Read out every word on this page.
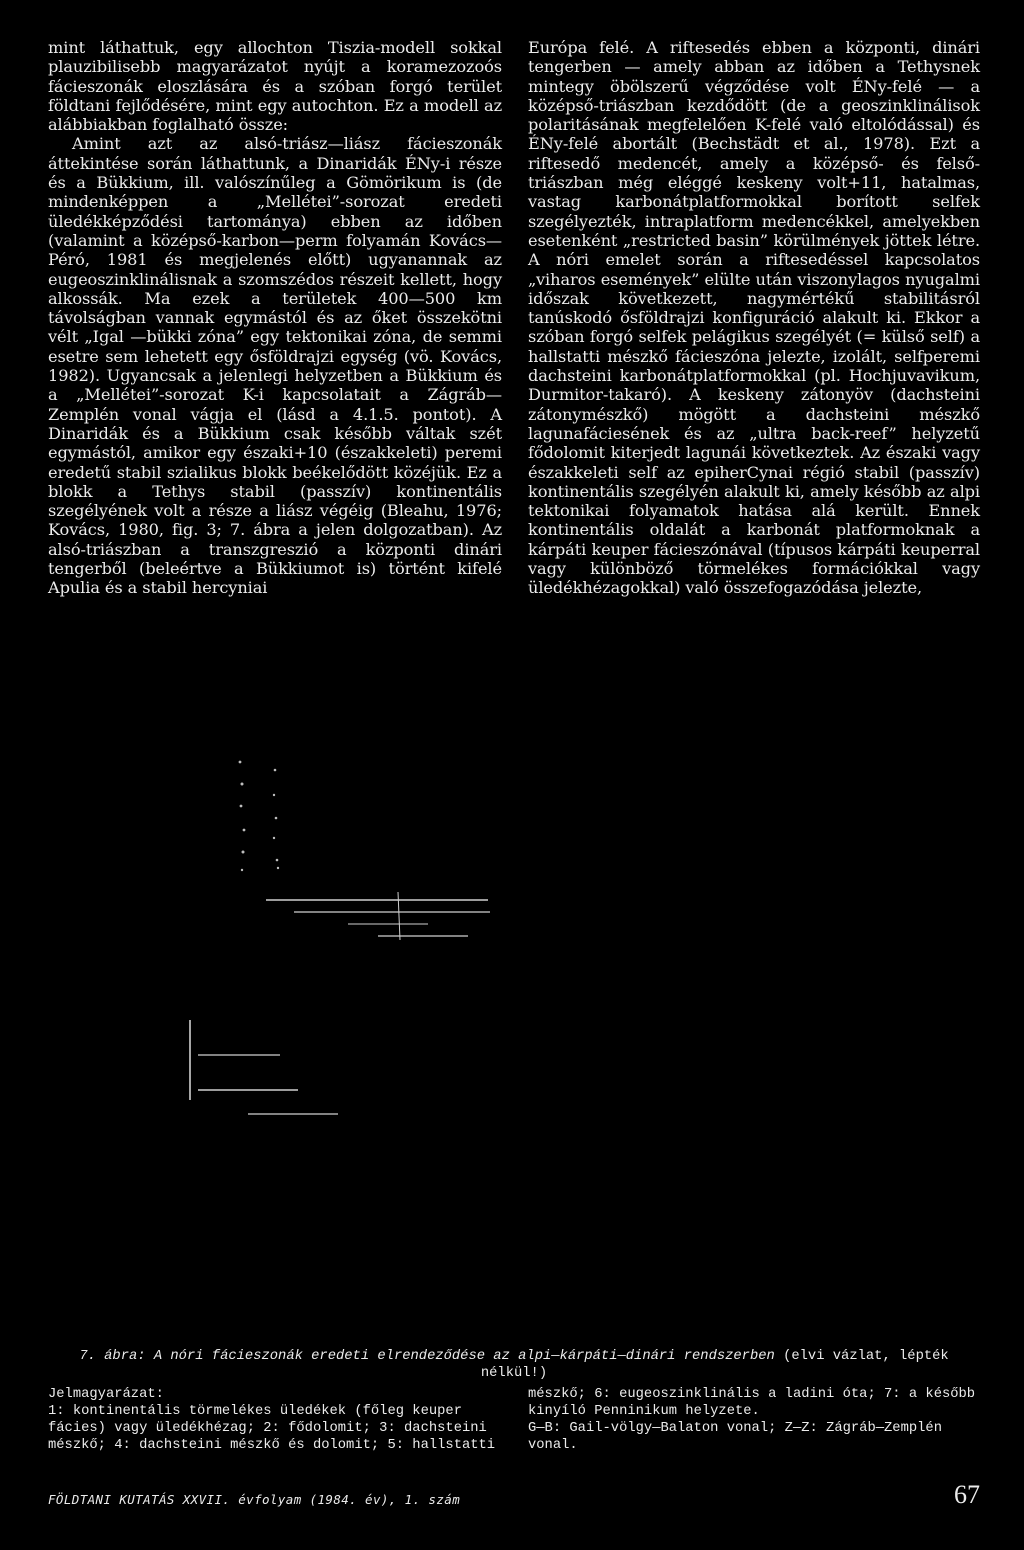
mint láthattuk, egy allochton Tiszia-modell sokkal plauzibilisebb magyarázatot nyújt a koramezozoós fácieszonák eloszlására és a szóban forgó terület földtani fejlődésére, mint egy autochton. Ez a modell az alábbiakban foglalható össze:

Amint azt az alsó-triász—liász fácieszonák áttekintése során láthattunk, a Dinaridák ÉNy-i része és a Bükkium, ill. valószínűleg a Gömörikum is (de mindenképpen a „Mellétei”-sorozat eredeti üledékképződési tartománya) ebben az időben (valamint a középső-karbon—perm folyamán Kovács—Péró, 1981 és megjelenés előtt) ugyanannak az eugeoszinklinálisnak a szomszédos részeit kellett, hogy alkossák. Ma ezek a területek 400—500 km távolságban vannak egymástól és az őket összekötni vélt „Igal —bükki zóna” egy tektonikai zóna, de semmi esetre sem lehetett egy ősföldrajzi egység (vö. Kovács, 1982). Ugyancsak a jelenlegi helyzetben a Bükkium és a „Mellétei”-sorozat K-i kapcsolatait a Zágráb—Zemplén vonal vágja el (lásd a 4.1.5. pontot). A Dinaridák és a Bükkium csak később váltak szét egymástól, amikor egy északi+10 (északkeleti) peremi eredetű stabil szialikus blokk beékelődött közéjük. Ez a blokk a Tethys stabil (passzív) kontinentális szegélyének volt a része a liász végéig (Bleahu, 1976; Kovács, 1980, fig. 3; 7. ábra a jelen dolgozatban). Az alsó-triászban a transzgreszió a központi dinári tengerből (beleértve a Bükkiumot is) történt kifelé Apulia és a stabil hercyniai

Európa felé. A riftesedés ebben a központi, dinári tengerben — amely abban az időben a Tethysnek mintegy öbölszerű végződése volt ÉNy-felé — a középső-triászban kezdődött (de a geoszinklinálisok polaritásának megfelelően K-felé való eltolódással) és ÉNy-felé abortált (Bechstädt et al., 1978). Ezt a riftesedő medencét, amely a középső- és felső-triászban még eléggé keskeny volt+11, hatalmas, vastag karbonátplatformokkal borított selfek szegélyezték, intraplatform medencékkel, amelyekben esetenként „restricted basin” körülmények jöttek létre. A nóri emelet során a riftesedéssel kapcsolatos „viharos események” elülte után viszonylagos nyugalmi időszak következett, nagymértékű stabilitásról tanúskodó ősföldrajzi konfiguráció alakult ki. Ekkor a szóban forgó selfek pelágikus szegélyét (= külső self) a hallstatti mészkő fácieszóna jelezte, izolált, selfperemi dachsteini karbonátplatformokkal (pl. Hochjuvavikum, Durmitor-takaró). A keskeny zátonyöv (dachsteini zátonymészkő) mögött a dachsteini mészkő lagunafáciesének és az „ultra back-reef” helyzetű fődolomit kiterjedt lagunái következtek. Az északi vagy északkeleti self az epiherCynai régió stabil (passzív) kontinentális szegélyén alakult ki, amely később az alpi tektonikai folyamatok hatása alá került. Ennek kontinentális oldalát a karbonát platformoknak a kárpáti keuper fácieszónával (típusos kárpáti keuperral vagy különböző törmelékes formációkkal vagy üledékhézagokkal) való összefogazódása jelezte,

7. ábra: A nóri fácieszonák eredeti elrendeződése az alpi—kárpáti—dinári rendszerben (elvi vázlat, lépték nélkül!)
Jelmagyarázat:
1: kontinentális törmelékes üledékek (főleg keuper fácies) vagy üledékhézag; 2: fődolomit; 3: dachsteini mészkő; 4: dachsteini mészkő és dolomit; 5: hallstatti
mészkő; 6: eugeoszinklinális a ladini óta; 7: a később kinyíló Penninikum helyzete.
G—B: Gail-völgy—Balaton vonal; Z—Z: Zágráb—Zemplén vonal.
FÖLDTANI KUTATÁS XXVII. évfolyam (1984. év), 1. szám	67
